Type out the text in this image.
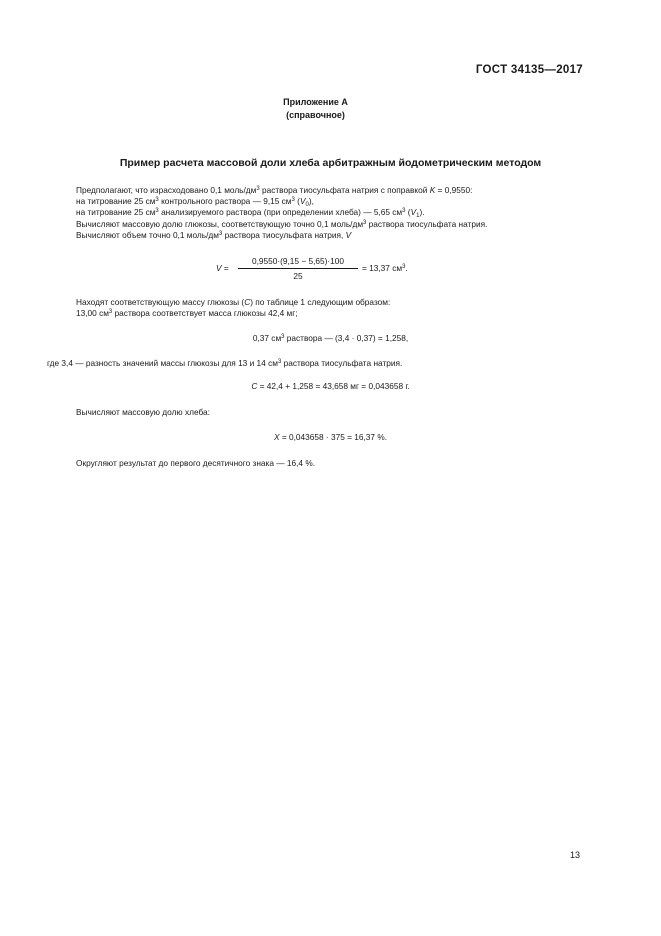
ГОСТ 34135—2017
Приложение А
(справочное)
Пример расчета массовой доли хлеба арбитражным йодометрическим методом
Предполагают, что израсходовано 0,1 моль/$дм^3$ раствора тиосульфата натрия с поправкой K = 0,9550:
на титрование 25 $см^3$ контрольного раствора — 9,15 $см^3$ $(V_0)$,
на титрование 25 $см^3$ анализируемого раствора (при определении хлеба) — 5,65 $см^3$ $(V_1)$.
Вычисляют массовую долю глюкозы, соответствующую точно 0,1 моль/$дм^3$ раствора тиосульфата натрия.
Вычисляют объем точно 0,1 моль/$дм^3$ раствора тиосульфата натрия, V
V =
0,9550·(9,15 − 5,65)·100
25
= 13,37 $см^3$.
Находят соответствующую массу глюкозы (C) по таблице 1 следующим образом:
13,00 $см^3$ раствора соответствует масса глюкозы 42,4 мг;
0,37 $см^3$ раствора — (3,4 · 0,37) = 1,258,
где 3,4 — разность значений массы глюкозы для 13 и 14 $см^3$ раствора тиосульфата натрия.
C = 42,4 + 1,258 = 43,658 мг = 0,043658 г.
Вычисляют массовую долю хлеба:
X = 0,043658 · 375 = 16,37 %.
Округляют результат до первого десятичного знака — 16,4 %.
13
